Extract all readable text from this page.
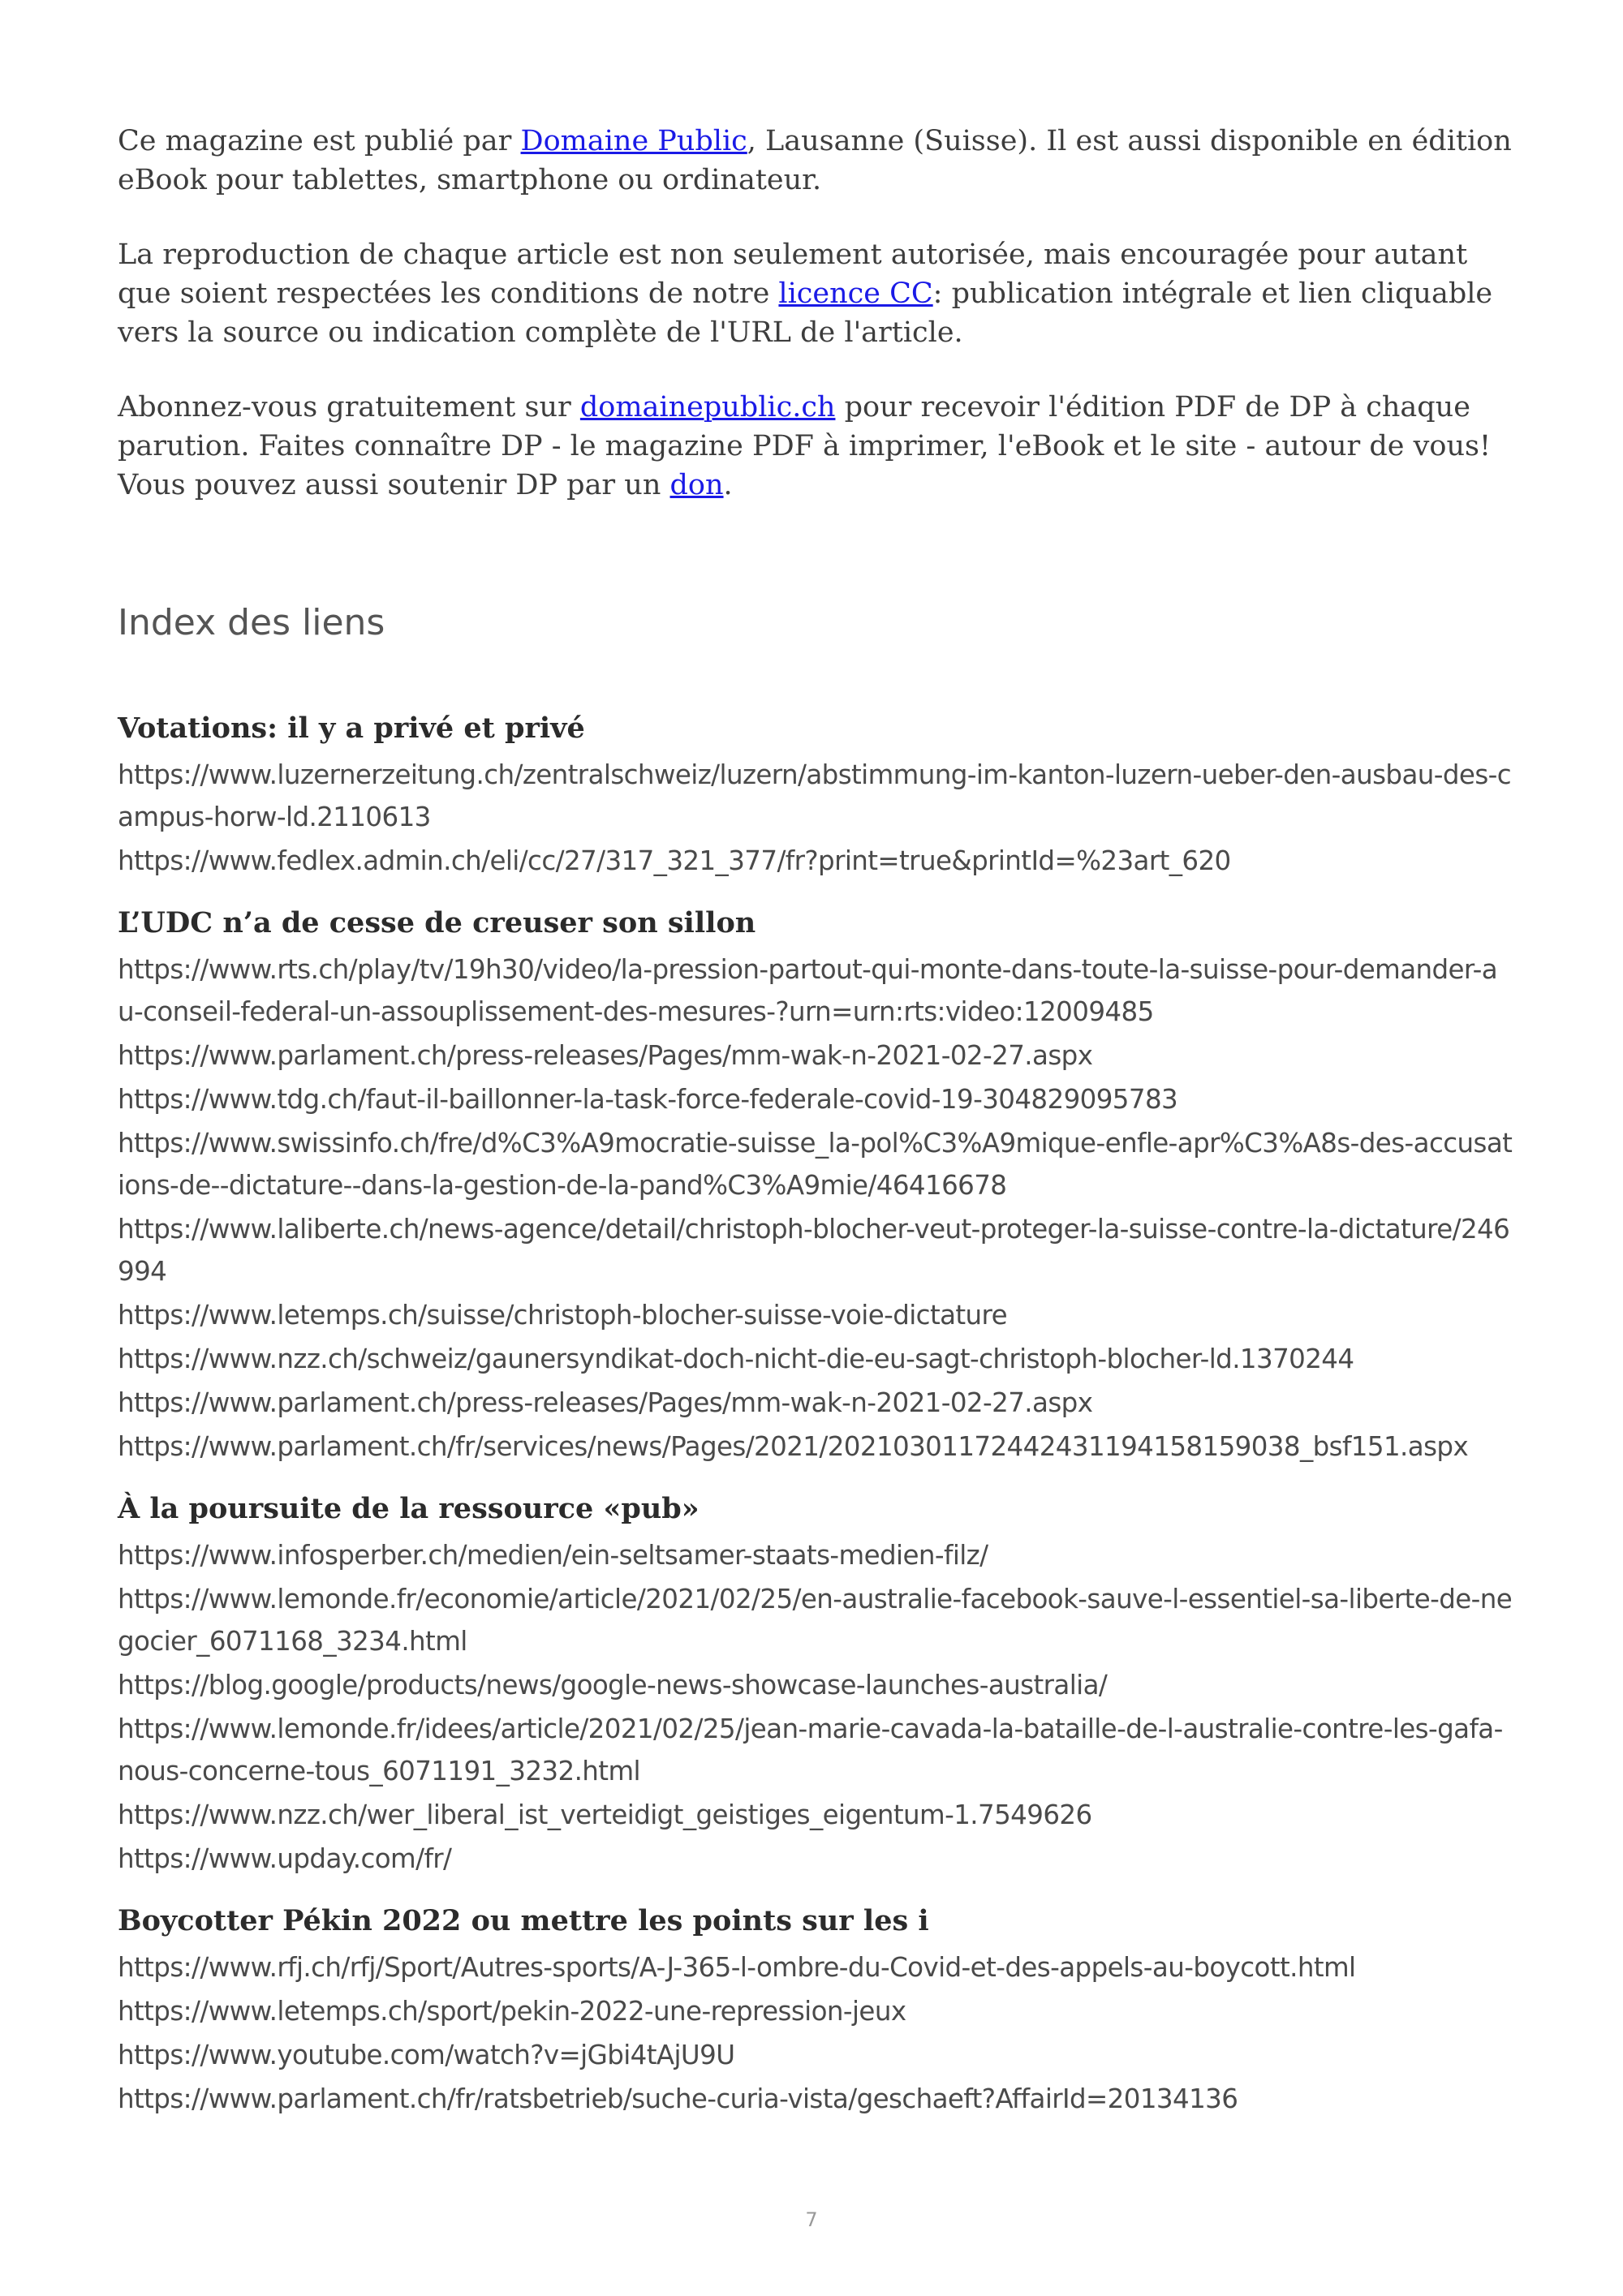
Ce magazine est publié par Domaine Public, Lausanne (Suisse). Il est aussi disponible en édition eBook pour tablettes, smartphone ou ordinateur.

La reproduction de chaque article est non seulement autorisée, mais encouragée pour autant que soient respectées les conditions de notre licence CC: publication intégrale et lien cliquable vers la source ou indication complète de l'URL de l'article.

Abonnez-vous gratuitement sur domainepublic.ch pour recevoir l'édition PDF de DP à chaque parution. Faites connaître DP - le magazine PDF à imprimer, l'eBook et le site - autour de vous! Vous pouvez aussi soutenir DP par un don.

Index des liens
Votations: il y a privé et privé
https://www.luzernerzeitung.ch/zentralschweiz/luzern/abstimmung-im-kanton-luzern-ueber-den-ausbau-des-campus-horw-ld.2110613
https://www.fedlex.admin.ch/eli/cc/27/317_321_377/fr?print=true&printId=%23art_620
L’UDC n’a de cesse de creuser son sillon
https://www.rts.ch/play/tv/19h30/video/la-pression-partout-qui-monte-dans-toute-la-suisse-pour-demander-au-conseil-federal-un-assouplissement-des-mesures-?urn=urn:rts:video:12009485
https://www.parlament.ch/press-releases/Pages/mm-wak-n-2021-02-27.aspx
https://www.tdg.ch/faut-il-baillonner-la-task-force-federale-covid-19-304829095783
https://www.swissinfo.ch/fre/d%C3%A9mocratie-suisse_la-pol%C3%A9mique-enfle-apr%C3%A8s-des-accusations-de--dictature--dans-la-gestion-de-la-pand%C3%A9mie/46416678
https://www.laliberte.ch/news-agence/detail/christoph-blocher-veut-proteger-la-suisse-contre-la-dictature/246994
https://www.letemps.ch/suisse/christoph-blocher-suisse-voie-dictature
https://www.nzz.ch/schweiz/gaunersyndikat-doch-nicht-die-eu-sagt-christoph-blocher-ld.1370244
https://www.parlament.ch/press-releases/Pages/mm-wak-n-2021-02-27.aspx
https://www.parlament.ch/fr/services/news/Pages/2021/20210301172442431194158159038_bsf151.aspx
À la poursuite de la ressource «pub»
https://www.infosperber.ch/medien/ein-seltsamer-staats-medien-filz/
https://www.lemonde.fr/economie/article/2021/02/25/en-australie-facebook-sauve-l-essentiel-sa-liberte-de-negocier_6071168_3234.html
https://blog.google/products/news/google-news-showcase-launches-australia/
https://www.lemonde.fr/idees/article/2021/02/25/jean-marie-cavada-la-bataille-de-l-australie-contre-les-gafa-nous-concerne-tous_6071191_3232.html
https://www.nzz.ch/wer_liberal_ist_verteidigt_geistiges_eigentum-1.7549626
https://www.upday.com/fr/
Boycotter Pékin 2022 ou mettre les points sur les i
https://www.rfj.ch/rfj/Sport/Autres-sports/A-J-365-l-ombre-du-Covid-et-des-appels-au-boycott.html
https://www.letemps.ch/sport/pekin-2022-une-repression-jeux
https://www.youtube.com/watch?v=jGbi4tAjU9U
https://www.parlament.ch/fr/ratsbetrieb/suche-curia-vista/geschaeft?AffairId=20134136
7
